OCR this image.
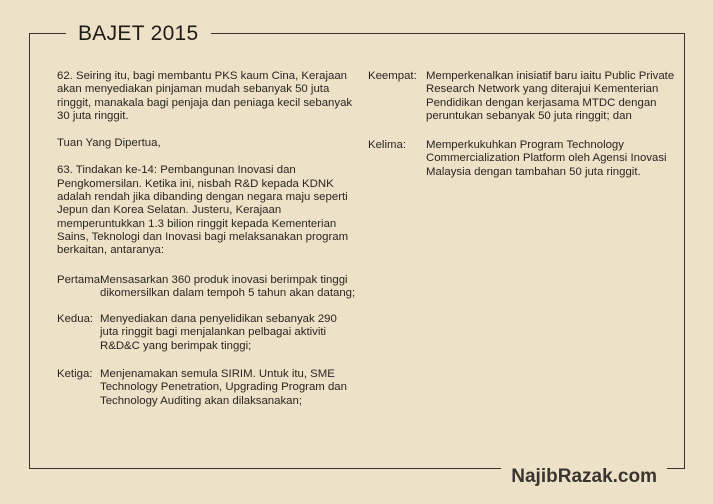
BAJET 2015

62. Seiring itu, bagi membantu PKS kaum Cina, Kerajaan akan menyediakan pinjaman mudah sebanyak 50 juta ringgit, manakala bagi penjaja dan peniaga kecil sebanyak 30 juta ringgit.

Tuan Yang Dipertua,

63. Tindakan ke-14: Pembangunan Inovasi dan Pengkomersilan. Ketika ini, nisbah R&D kepada KDNK adalah rendah jika dibanding dengan negara maju seperti Jepun dan Korea Selatan. Justeru, Kerajaan memperuntukkan 1.3 bilion ringgit kepada Kementerian Sains, Teknologi dan Inovasi bagi melaksanakan program berkaitan, antaranya:

Pertama:
Mensasarkan 360 produk inovasi berimpak tinggi dikomersilkan dalam tempoh 5 tahun akan datang;
Kedua: Menyediakan dana penyelidikan sebanyak 290 juta ringgit bagi menjalankan pelbagai aktiviti R&D&C yang berimpak tinggi;
Ketiga: Menjenamakan semula SIRIM. Untuk itu, SME Technology Penetration, Upgrading Program dan Technology Auditing akan dilaksanakan;
Keempat: Memperkenalkan inisiatif baru iaitu Public Private Research Network yang diterajui Kementerian Pendidikan dengan kerjasama MTDC dengan peruntukan sebanyak 50 juta ringgit; dan
Kelima:	Memperkukuhkan Program Technology Commercialization Platform oleh Agensi Inovasi Malaysia dengan tambahan 50 juta ringgit.
NajibRazak.com
